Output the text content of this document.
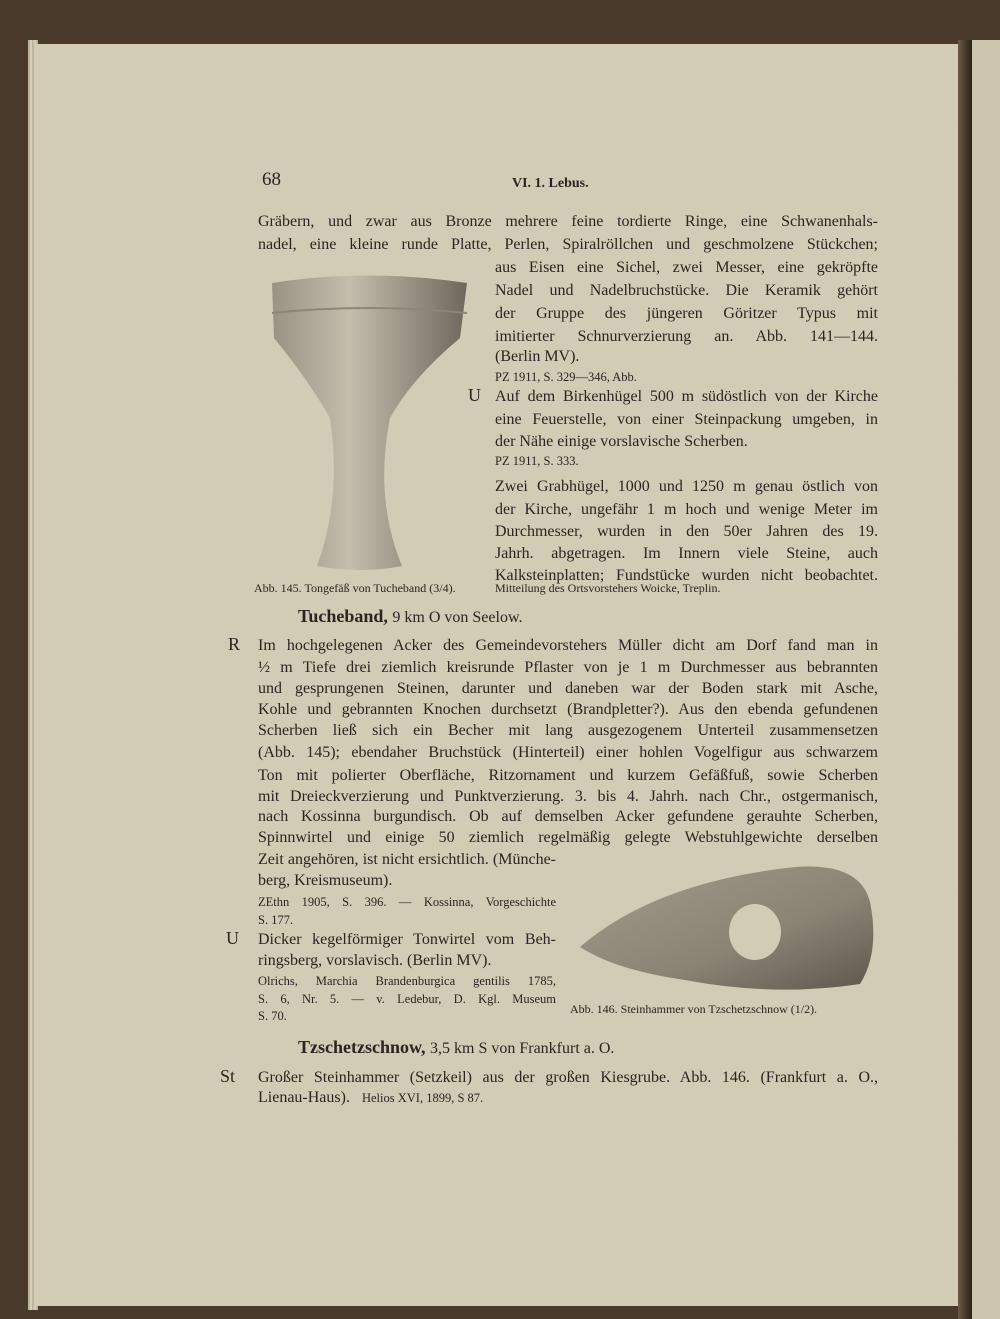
68	VI. 1. Lebus.
Gräbern, und zwar aus Bronze mehrere feine tordierte Ringe, eine Schwanenhals-
nadel, eine kleine runde Platte, Perlen, Spiralröllchen und geschmolzene Stückchen;
aus Eisen eine Sichel, zwei Messer, eine gekröpfte
Nadel und Nadelbruchstücke. Die Keramik gehört
der Gruppe des jüngeren Göritzer Typus mit
imitierter Schnurverzierung an. Abb. 141—144.
(Berlin MV).
PZ 1911, S. 329—346, Abb.
U Auf dem Birkenhügel 500 m südöstlich von der Kirche
eine Feuerstelle, von einer Steinpackung umgeben, in
der Nähe einige vorslavische Scherben.
PZ 1911, S. 333.
Zwei Grabhügel, 1000 und 1250 m genau östlich von
der Kirche, ungefähr 1 m hoch und wenige Meter im
Durchmesser, wurden in den 50er Jahren des 19.
Jahrh. abgetragen. Im Innern viele Steine, auch
Kalksteinplatten; Fundstücke wurden nicht beobachtet.
Abb. 145. Tongefäß von Tucheband (3/4).	Mitteilung des Ortsvorstehers Woicke, Treplin.
Tucheband, 9 km O von Seelow.
R Im hochgelegenen Acker des Gemeindevorstehers Müller dicht am Dorf fand man in
½ m Tiefe drei ziemlich kreisrunde Pflaster von je 1 m Durchmesser aus bebrannten
und gesprungenen Steinen, darunter und daneben war der Boden stark mit Asche,
Kohle und gebrannten Knochen durchsetzt (Brandpletter?). Aus den ebenda gefundenen
Scherben ließ sich ein Becher mit lang ausgezogenem Unterteil zusammensetzen
(Abb. 145); ebendaher Bruchstück (Hinterteil) einer hohlen Vogelfigur aus schwarzem
Ton mit polierter Oberfläche, Ritzornament und kurzem Gefäßfuß, sowie Scherben
mit Dreieckverzierung und Punktverzierung. 3. bis 4. Jahrh. nach Chr., ostgermanisch,
nach Kossinna burgundisch. Ob auf demselben Acker gefundene gerauhte Scherben,
Spinnwirtel und einige 50 ziemlich regelmäßig gelegte Webstuhlgewichte derselben
Zeit angehören, ist nicht ersichtlich. (Münche-
berg, Kreismuseum).
ZEthn 1905, S. 396. — Kossinna, Vorgeschichte
S. 177.
U Dicker kegelförmiger Tonwirtel vom Beh-
ringsberg, vorslavisch. (Berlin MV).
Olrichs, Marchia Brandenburgica gentilis 1785,
S. 6, Nr. 5. — v. Ledebur, D. Kgl. Museum
S. 70.	Abb. 146. Steinhammer von Tzschetzschnow (1/2).
Tzschetzschnow, 3,5 km S von Frankfurt a. O.
St Großer Steinhammer (Setzkeil) aus der großen Kiesgrube. Abb. 146. (Frankfurt a. O.,
Lienau-Haus). Helios XVI, 1899, S 87.
